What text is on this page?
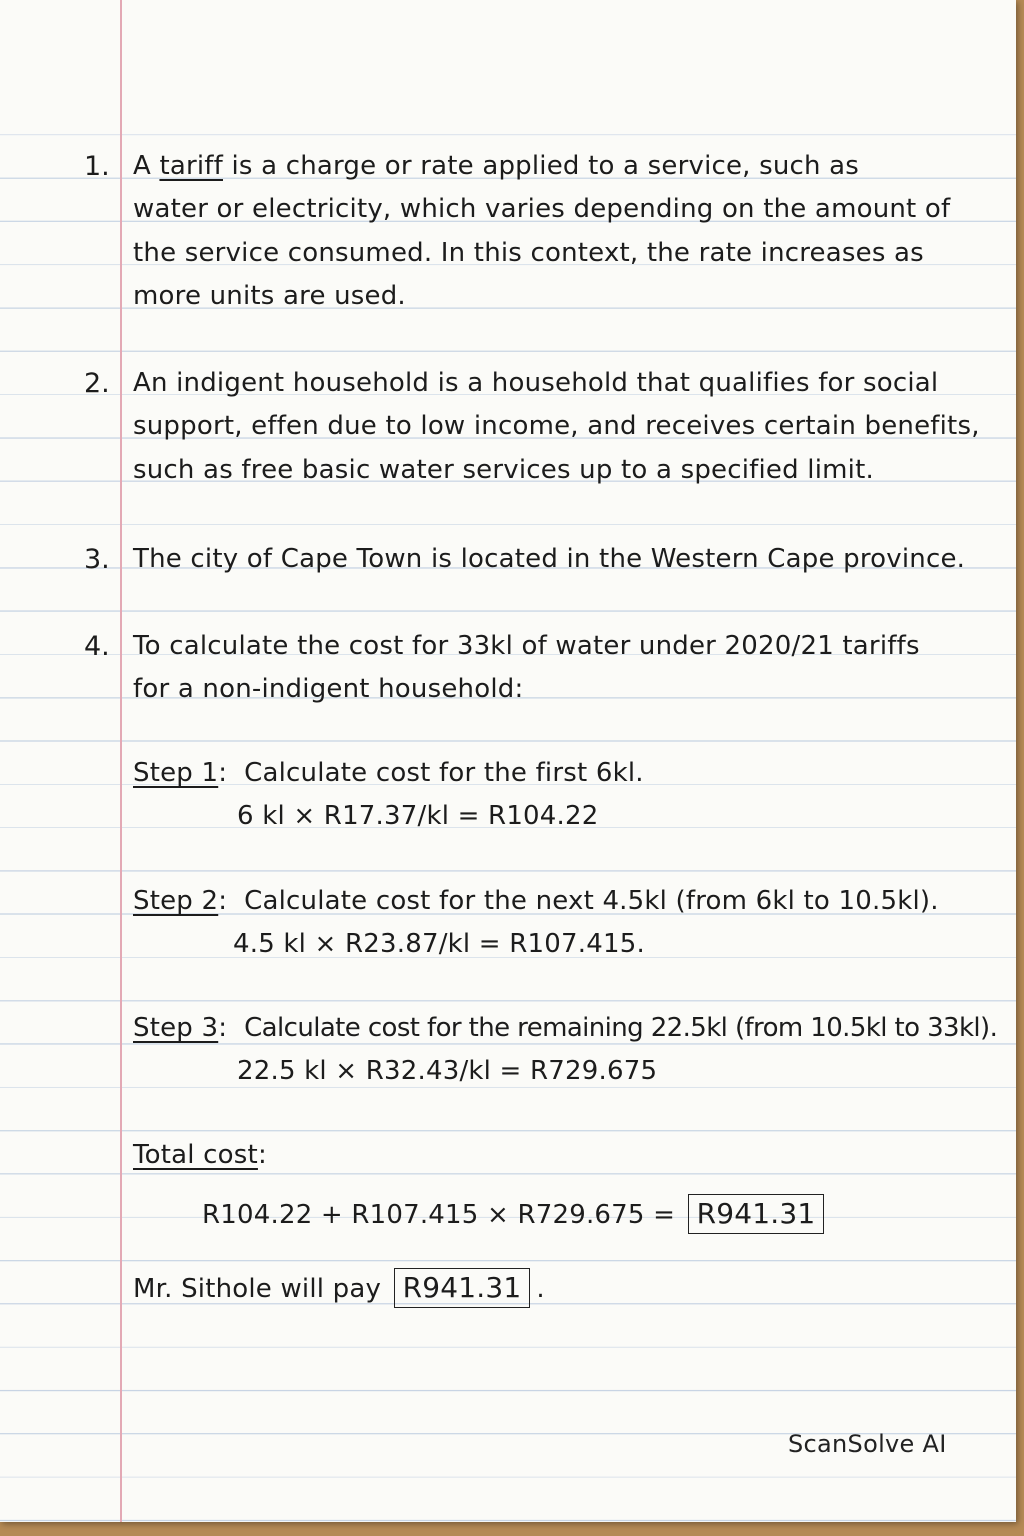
1. A tariff is a charge or rate applied to a service, such as
water or electricity, which varies depending on the amount of
the service consumed. In this context, the rate increases as
more units are used.
2. An indigent household is a household that qualifies for social
support, effen due to low income, and receives certain benefits,
such as free basic water services up to a specified limit.
3. The city of Cape Town is located in the Western Cape province.
4. To calculate the cost for 33kl of water under 2020/21 tariffs
for a non-indigent household:
Step 1: Calculate cost for the first 6kl.
6 kl × R17.37/kl = R104.22
Step 2: Calculate cost for the next 4.5kl (from 6kl to 10.5kl).
4.5 kl × R23.87/kl = R107.415.
Step 3: Calculate cost for the remaining 22.5kl (from 10.5kl to 33kl).
22.5 kl × R32.43/kl = R729.675
Total cost:
R104.22 + R107.415 × R729.675 = R941.31
Mr. Sithole will pay R941.31 .
ScanSolve AI
